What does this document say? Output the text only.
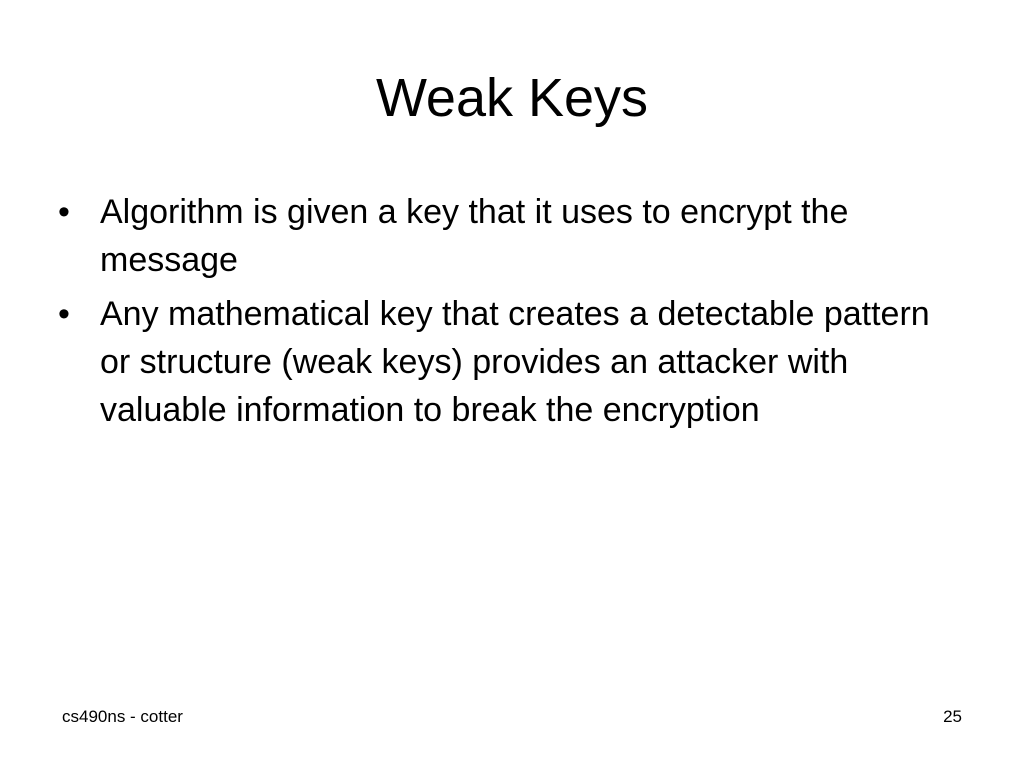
Weak Keys
• Algorithm is given a key that it uses to encrypt the message
• Any mathematical key that creates a detectable pattern or structure (weak keys) provides an attacker with valuable information to break the encryption
cs490ns - cotter	25
